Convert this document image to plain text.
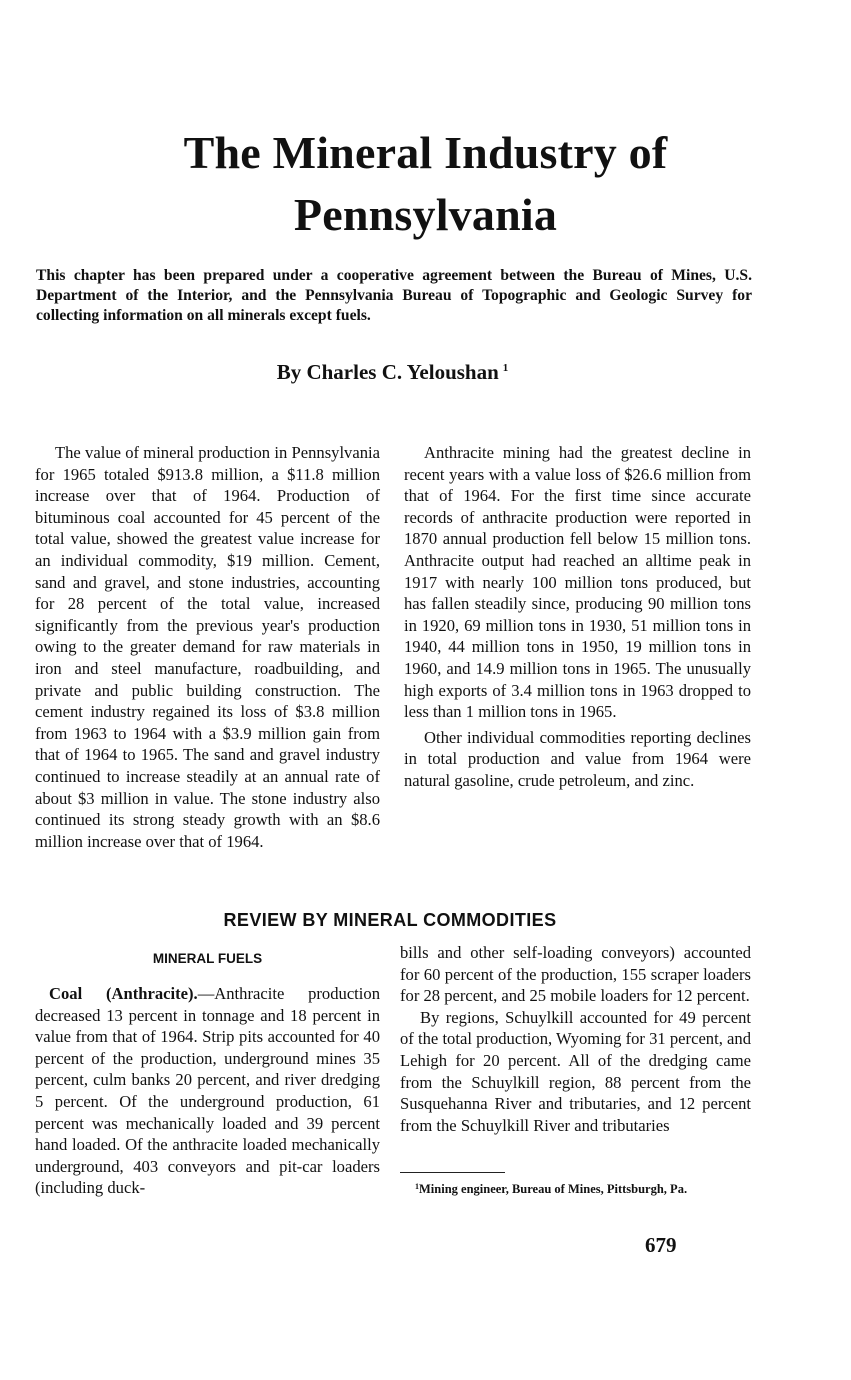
The Mineral Industry of
Pennsylvania
This chapter has been prepared under a cooperative agreement between the Bureau of Mines, U.S. Department of the Interior, and the Pennsylvania Bureau of Topographic and Geologic Survey for collecting information on all minerals except fuels.
By Charles C. Yeloushan $^1$

The value of mineral production in Pennsylvania for 1965 totaled $913.8 million, a $11.8 million increase over that of 1964. Production of bituminous coal accounted for 45 percent of the total value, showed the greatest value increase for an individual commodity, $19 million. Cement, sand and gravel, and stone industries, accounting for 28 percent of the total value, increased significantly from the previous year's production owing to the greater demand for raw materials in iron and steel manufacture, roadbuilding, and private and public building construction. The cement industry regained its loss of $3.8 million from 1963 to 1964 with a $3.9 million gain from that of 1964 to 1965. The sand and gravel industry continued to increase steadily at an annual rate of about $3 million in value. The stone industry also continued its strong steady growth with an $8.6 million increase over that of 1964.

Anthracite mining had the greatest decline in recent years with a value loss of $26.6 million from that of 1964. For the first time since accurate records of anthracite production were reported in 1870 annual production fell below 15 million tons. Anthracite output had reached an alltime peak in 1917 with nearly 100 million tons produced, but has fallen steadily since, producing 90 million tons in 1920, 69 million tons in 1930, 51 million tons in 1940, 44 million tons in 1950, 19 million tons in 1960, and 14.9 million tons in 1965. The unusually high exports of 3.4 million tons in 1963 dropped to less than 1 million tons in 1965.

Other individual commodities reporting declines in total production and value from 1964 were natural gasoline, crude petroleum, and zinc.

REVIEW BY MINERAL COMMODITIES
MINERAL FUELS

Coal (Anthracite).—Anthracite production decreased 13 percent in tonnage and 18 percent in value from that of 1964. Strip pits accounted for 40 percent of the production, underground mines 35 percent, culm banks 20 percent, and river dredging 5 percent. Of the underground production, 61 percent was mechanically loaded and 39 percent hand loaded. Of the anthracite loaded mechanically underground, 403 conveyors and pit-car loaders (including duck-

bills and other self-loading conveyors) accounted for 60 percent of the production, 155 scraper loaders for 28 percent, and 25 mobile loaders for 12 percent.

By regions, Schuylkill accounted for 49 percent of the total production, Wyoming for 31 percent, and Lehigh for 20 percent. All of the dredging came from the Schuylkill region, 88 percent from the Susquehanna River and tributaries, and 12 percent from the Schuylkill River and tributaries

$^1$Mining engineer, Bureau of Mines, Pittsburgh, Pa.
679
